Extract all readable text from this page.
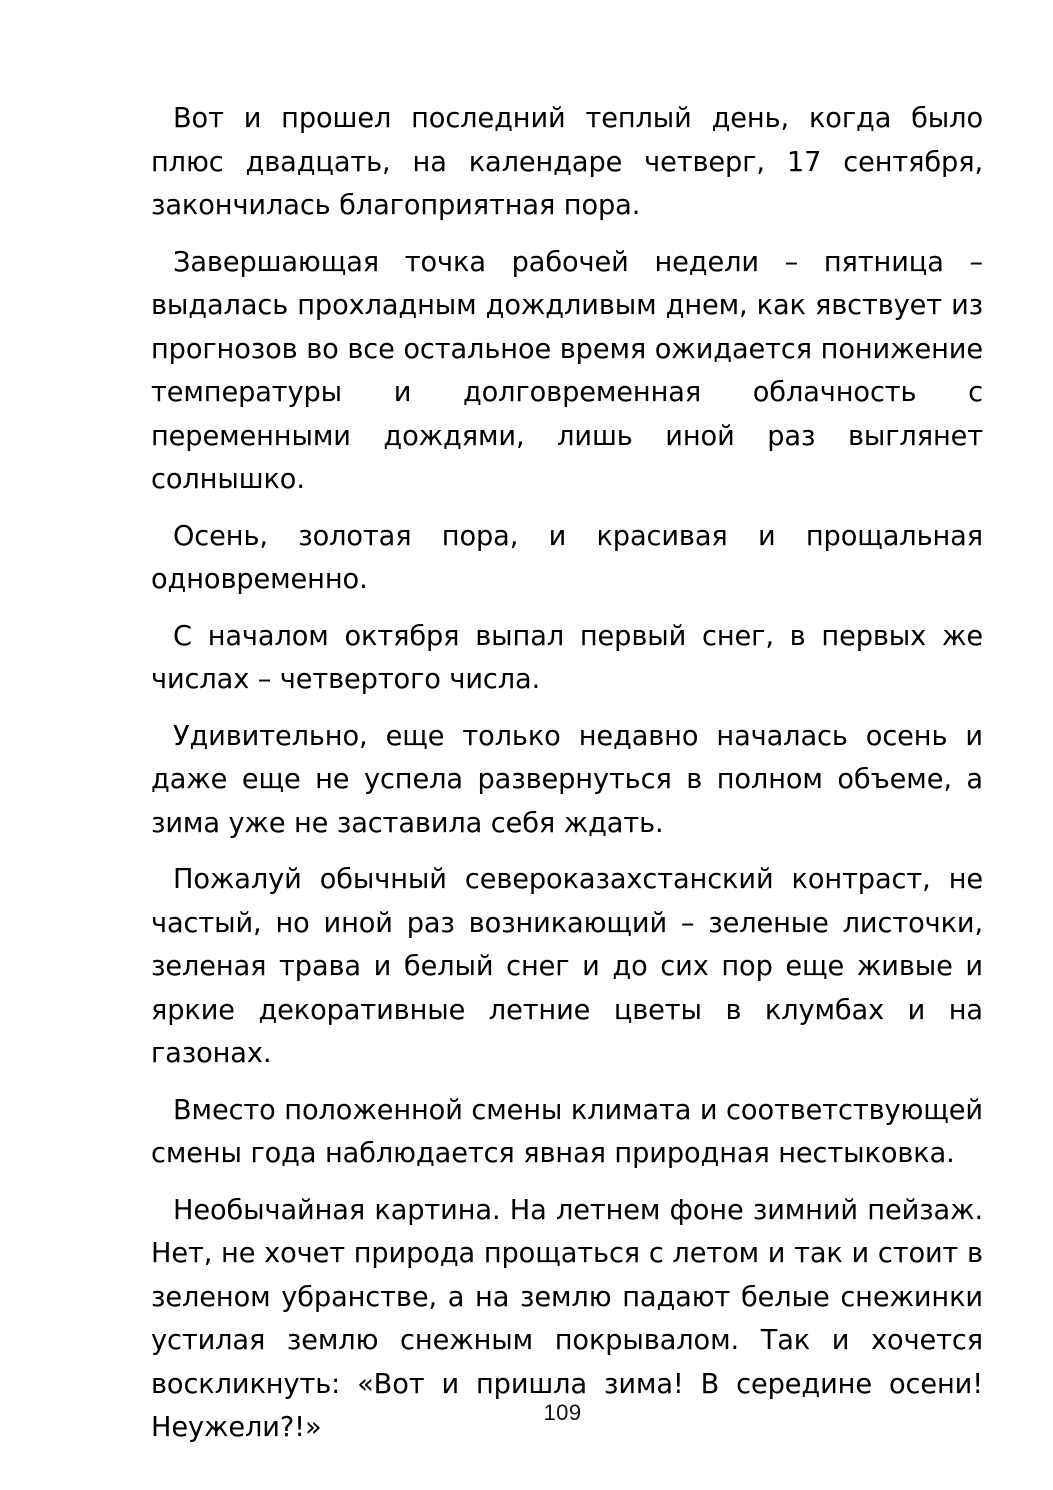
Вот и прошел последний теплый день, когда было плюс двадцать, на календаре четверг, 17 сентября, закончилась благоприятная пора.

Завершающая точка рабочей недели – пятница – выдалась прохладным дождливым днем, как явствует из прогнозов во все остальное время ожидается понижение температуры и долговременная облачность с переменными дождями, лишь иной раз выглянет солнышко.

Осень, золотая пора, и красивая и прощальная одновременно.

С началом октября выпал первый снег, в первых же числах – четвертого числа.

Удивительно, еще только недавно началась осень и даже еще не успела развернуться в полном объеме, а зима уже не заставила себя ждать.

Пожалуй обычный североказахстанский контраст, не частый, но иной раз возникающий – зеленые листочки, зеленая трава и белый снег и до сих пор еще живые и яркие декоративные летние цветы в клумбах и на газонах.

Вместо положенной смены климата и соответствующей смены года наблюдается явная природная нестыковка.

Необычайная картина. На летнем фоне зимний пейзаж. Нет, не хочет природа прощаться с летом и так и стоит в зеленом убранстве, а на землю падают белые снежинки устилая землю снежным покрывалом. Так и хочется воскликнуть: «Вот и пришла зима! В середине осени! Неужели?!»	109
